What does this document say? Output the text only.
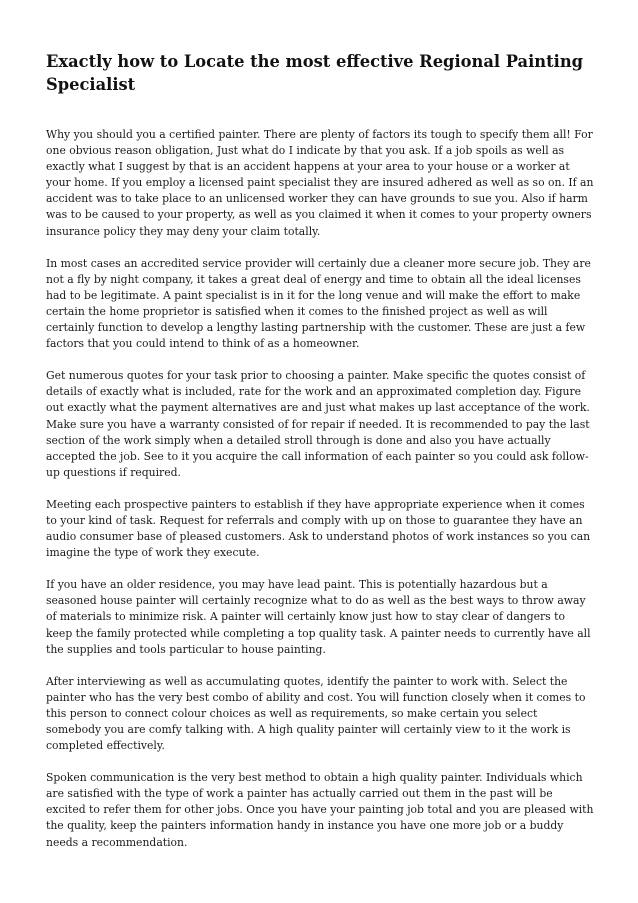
Exactly how to Locate the most effective Regional Painting Specialist

Why you should you a certified painter. There are plenty of factors its tough to specify them all! For one obvious reason obligation, Just what do I indicate by that you ask. If a job spoils as well as exactly what I suggest by that is an accident happens at your area to your house or a worker at your home. If you employ a licensed paint specialist they are insured adhered as well as so on. If an accident was to take place to an unlicensed worker they can have grounds to sue you. Also if harm was to be caused to your property, as well as you claimed it when it comes to your property owners insurance policy they may deny your claim totally.

In most cases an accredited service provider will certainly due a cleaner more secure job. They are not a fly by night company, it takes a great deal of energy and time to obtain all the ideal licenses had to be legitimate. A paint specialist is in it for the long venue and will make the effort to make certain the home proprietor is satisfied when it comes to the finished project as well as will certainly function to develop a lengthy lasting partnership with the customer. These are just a few factors that you could intend to think of as a homeowner.

Get numerous quotes for your task prior to choosing a painter. Make specific the quotes consist of details of exactly what is included, rate for the work and an approximated completion day. Figure out exactly what the payment alternatives are and just what makes up last acceptance of the work. Make sure you have a warranty consisted of for repair if needed. It is recommended to pay the last section of the work simply when a detailed stroll through is done and also you have actually accepted the job. See to it you acquire the call information of each painter so you could ask follow-up questions if required.

Meeting each prospective painters to establish if they have appropriate experience when it comes to your kind of task. Request for referrals and comply with up on those to guarantee they have an audio consumer base of pleased customers. Ask to understand photos of work instances so you can imagine the type of work they execute.

If you have an older residence, you may have lead paint. This is potentially hazardous but a seasoned house painter will certainly recognize what to do as well as the best ways to throw away of materials to minimize risk. A painter will certainly know just how to stay clear of dangers to keep the family protected while completing a top quality task. A painter needs to currently have all the supplies and tools particular to house painting.

After interviewing as well as accumulating quotes, identify the painter to work with. Select the painter who has the very best combo of ability and cost. You will function closely when it comes to this person to connect colour choices as well as requirements, so make certain you select somebody you are comfy talking with. A high quality painter will certainly view to it the work is completed effectively.

Spoken communication is the very best method to obtain a high quality painter. Individuals which are satisfied with the type of work a painter has actually carried out them in the past will be excited to refer them for other jobs. Once you have your painting job total and you are pleased with the quality, keep the painters information handy in instance you have one more job or a buddy needs a recommendation.
